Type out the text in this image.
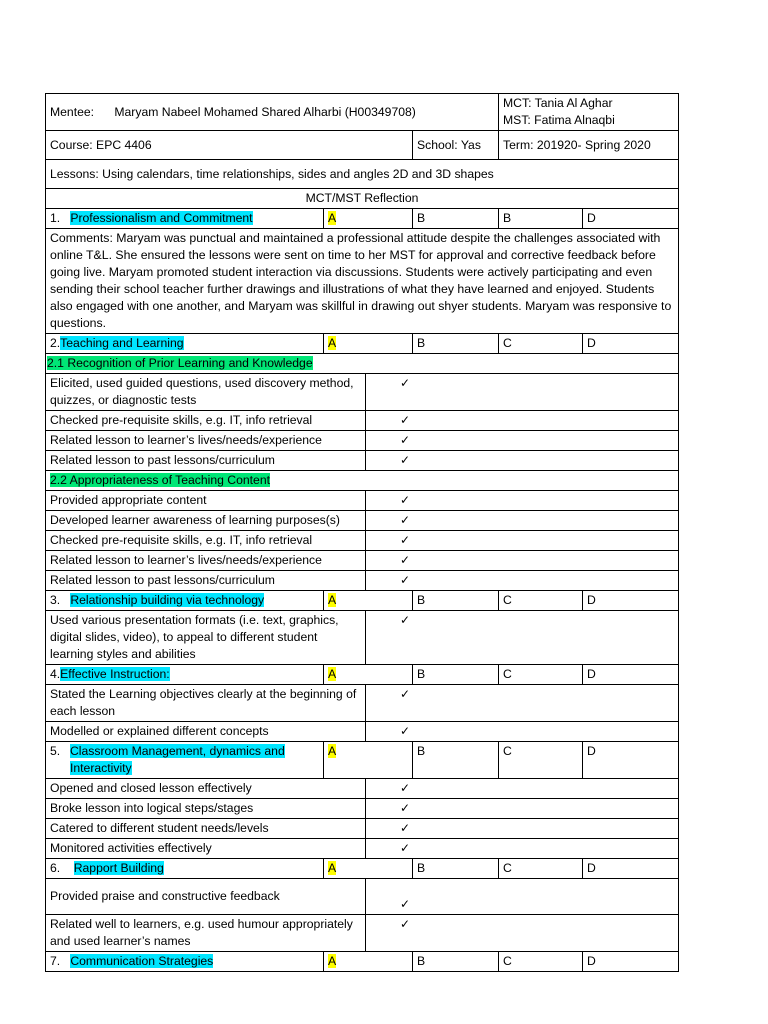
Mentee: Maryam Nabeel Mohamed Shared Alharbi (H00349708)				MCT: Tania Al Aghar
MST: Fatima Alnaqbi	

Course: EPC 4406			School: Yas	Term: 201920- Spring 2020	
Lessons: Using calendars, time relationships, sides and angles 2D and 3D shapes					
MCT/MST Reflection					
1. Professionalism and Commitment	A		B	B	D
Comments: Maryam was punctual and maintained a professional attitude despite the challenges associated with online T&L. She ensured the lessons were sent on time to her MST for approval and corrective feedback before going live. Maryam promoted student interaction via discussions. Students were actively participating and even sending their school teacher further drawings and illustrations of what they have learned and enjoyed. Students also engaged with one another, and Maryam was skillful in drawing out shyer students. Maryam was responsive to questions.					
2.Teaching and Learning	A		B	C	D
2.1 Recognition of Prior Learning and Knowledge					
Elicited, used guided questions, used discovery method, quizzes, or diagnostic tests		✓			
Checked pre-requisite skills, e.g. IT, info retrieval		✓			
Related lesson to learner’s lives/needs/experience		✓			
Related lesson to past lessons/curriculum		✓			
2.2 Appropriateness of Teaching Content					
Provided appropriate content		✓			
Developed learner awareness of learning purposes(s)		✓			
Checked pre-requisite skills, e.g. IT, info retrieval		✓			
Related lesson to learner’s lives/needs/experience		✓			
Related lesson to past lessons/curriculum		✓			
3. Relationship building via technology	A		B	C	D
Used various presentation formats (i.e. text, graphics, digital slides, video), to appeal to different student learning styles and abilities		✓			
4.Effective Instruction:	A		B	C	D
Stated the Learning objectives clearly at the beginning of each lesson		✓			
Modelled or explained different concepts		✓			

5. Classroom Management, dynamics and Interactivity	A		B	C	D
Opened and closed lesson effectively		✓			
Broke lesson into logical steps/stages		✓			
Catered to different student needs/levels		✓			
Monitored activities effectively		✓			
6. Rapport Building	A		B	C	D
Provided praise and constructive feedback		✓			
Related well to learners, e.g. used humour appropriately and used learner’s names		✓			
7. Communication Strategies	A		B	C	D
